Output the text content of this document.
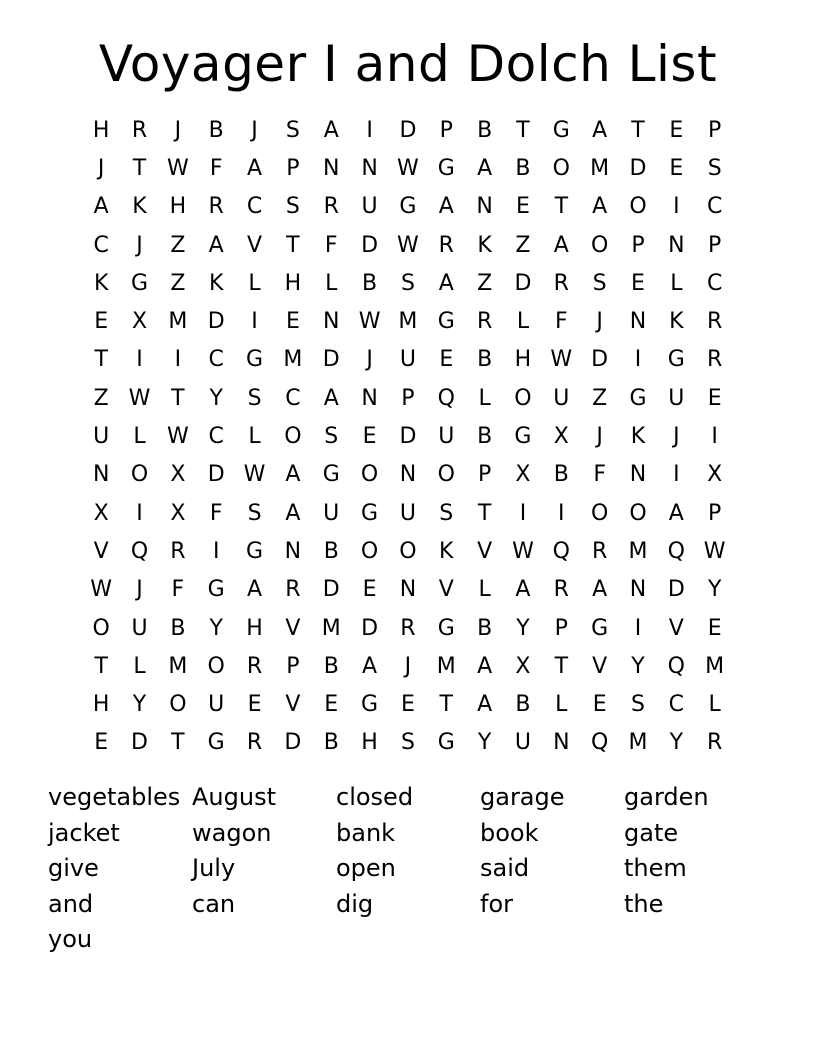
Voyager I and Dolch List
H	R	J	B	J	S	A	I	D	P	B	T	G	A	T	E	P
J	T W F	A	P	N N W G	A	B	O M D	E	S
A	K	H	R	C	S	R	U G	A	N	E	T	A	O	I	C
C	J	Z	A	V	T	F	D W R	K	Z	A	O	P	N	P
K	G	Z	K	L	H	L	B	S	A	Z	D	R	S	E	L	C
E	X M D	I	E	N W M G	R	L	F	J	N	K	R
T	I	I	C	G M D	J	U	E	B	H W D	I	G	R
Z W T	Y	S	C	A	N	P	Q	L	O U	Z	G U	E
U	L W C	L	O	S	E	D U	B	G	X	J	K	J	I
N O	X	D W A	G O N O	P	X	B	F	N	I	X
X	I	X	F	S	A	U G U	S	T	I	I	O O	A	P
V	Q	R	I	G N	B	O O	K	V W Q	R M Q W
W	J	F	G	A	R	D	E	N	V	L	A	R	A	N D	Y
O U	B	Y	H	V M D	R	G	B	Y	P	G	I	V	E
T	L	M O	R	P	B	A	J	M A	X	T	V	Y	Q M
H	Y	O U	E	V	E	G	E	T	A	B	L	E	S	C	L
E	D	T	G	R	D	B	H	S	G	Y	U	N Q M	Y	R
vegetables August	closed	garage	garden
jacket	wagon	bank	book	gate
give	July	open	said	them
and	can	dig	for	the
you
